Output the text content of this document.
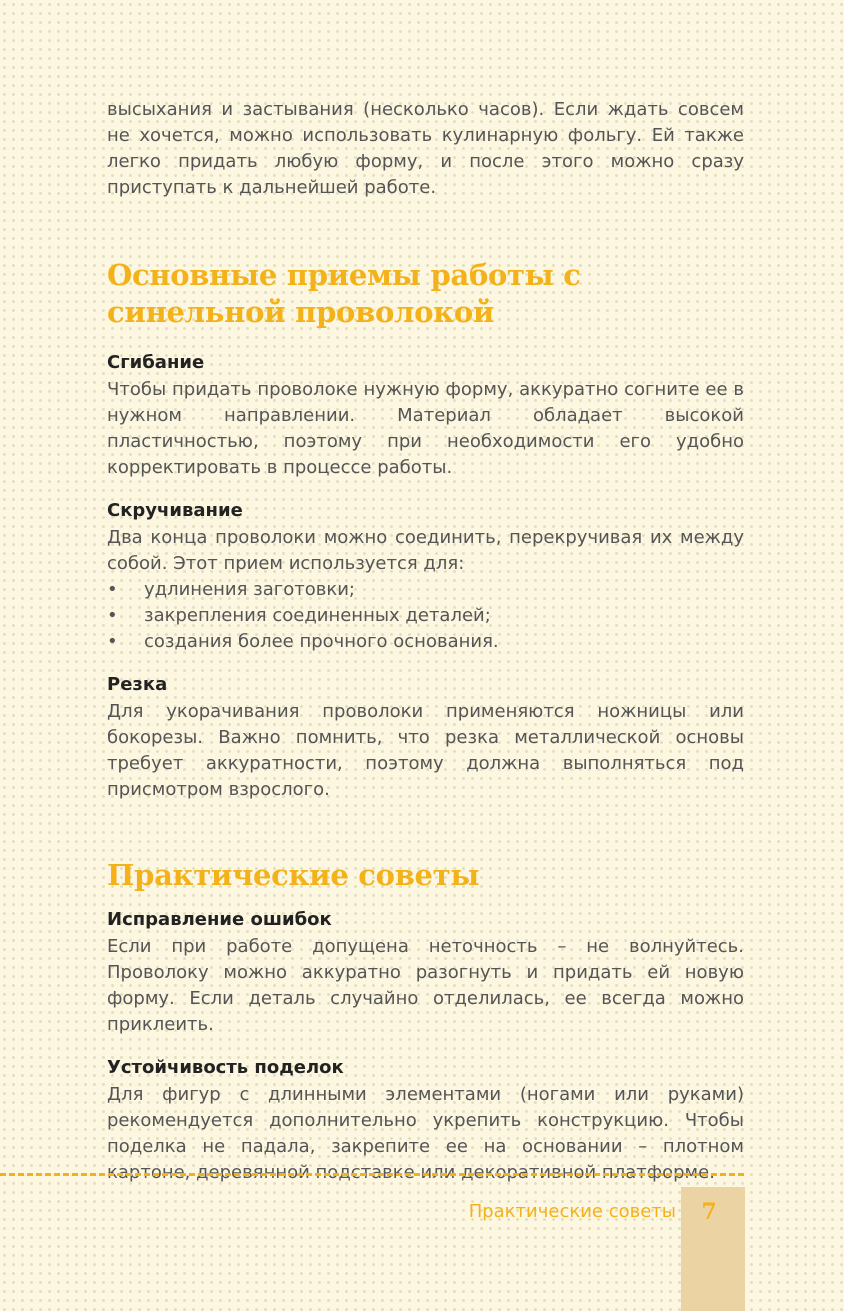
высыхания и застывания (несколько часов). Если ждать совсем не хочется, можно использовать кулинарную фольгу. Ей также легко придать любую форму, и после этого можно сразу приступать к дальнейшей работе.

Основные приемы работы с синельной проволокой
Сгибание

Чтобы придать проволоке нужную форму, аккуратно согните ее в нужном направлении. Материал обладает высокой пластичностью, поэтому при необходимости его удобно корректировать в процессе работы.

Скручивание

Два конца проволоки можно соединить, перекручивая их между собой. Этот прием используется для:

• удлинения заготовки;
• закрепления соединенных деталей;
• создания более прочного основания.
Резка

Для укорачивания проволоки применяются ножницы или бокорезы. Важно помнить, что резка металлической основы требует аккуратности, поэтому должна выполняться под присмотром взрослого.

Практические советы
Исправление ошибок

Если при работе допущена неточность – не волнуйтесь. Проволоку можно аккуратно разогнуть и придать ей новую форму. Если деталь случайно отделилась, ее всегда можно приклеить.

Устойчивость поделок

Для фигур с длинными элементами (ногами или руками) рекомендуется дополнительно укрепить конструкцию. Чтобы поделка не падала, закрепите ее на основании – плотном картоне, деревянной подставке или декоративной платформе.

Практические советы	7
